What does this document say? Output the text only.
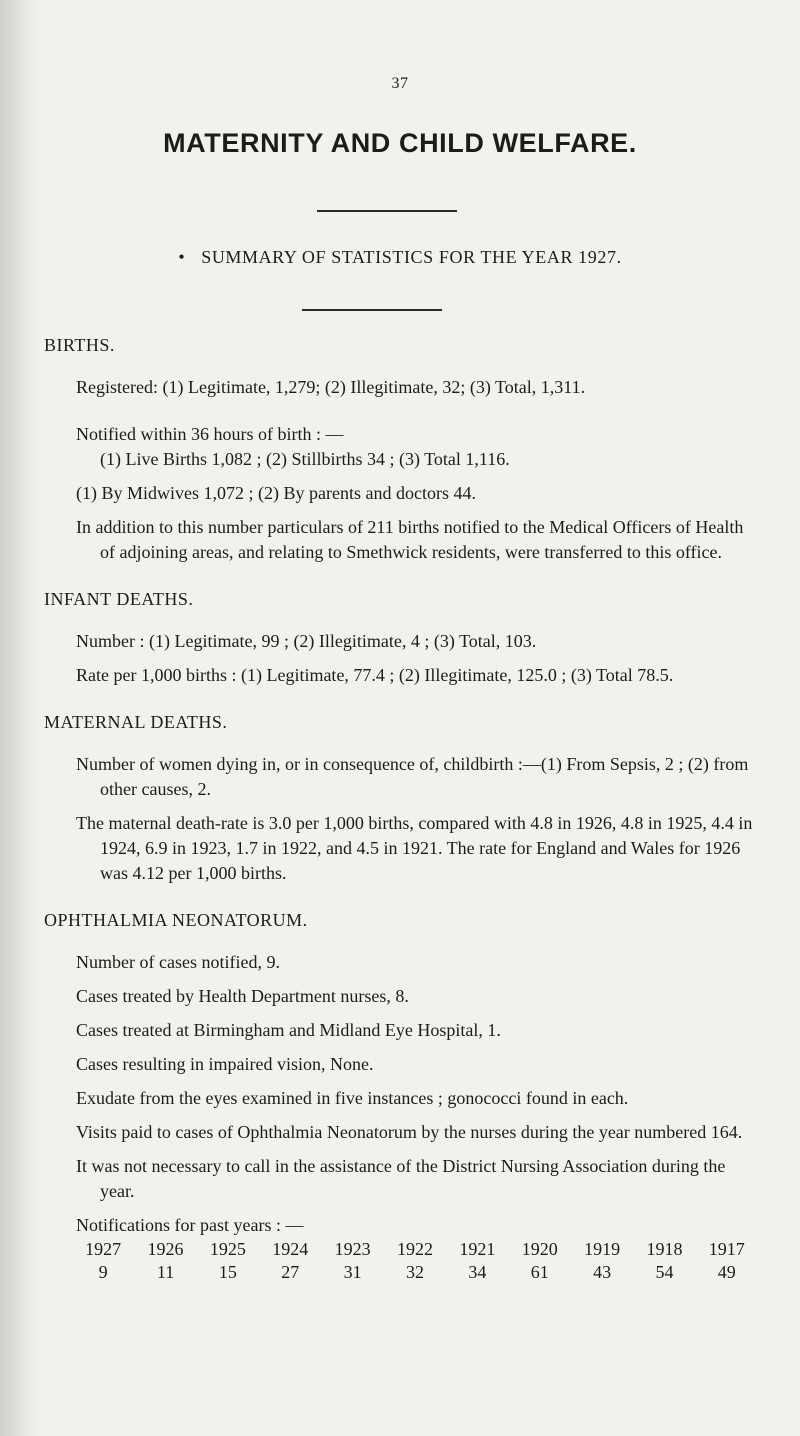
37
MATERNITY AND CHILD WELFARE.
• SUMMARY OF STATISTICS FOR THE YEAR 1927.
BIRTHS.

Registered: (1) Legitimate, 1,279; (2) Illegitimate, 32; (3) Total, 1,311.

Notified within 36 hours of birth : —

(1) Live Births 1,082 ; (2) Stillbirths 34 ; (3) Total 1,116.

(1) By Midwives 1,072 ; (2) By parents and doctors 44.

In addition to this number particulars of 211 births notified to the Medical Officers of Health of adjoining areas, and relating to Smethwick residents, were transferred to this office.

INFANT DEATHS.

Number : (1) Legitimate, 99 ; (2) Illegitimate, 4 ; (3) Total, 103.

Rate per 1,000 births : (1) Legitimate, 77.4 ; (2) Illegitimate, 125.0 ; (3) Total 78.5.

MATERNAL DEATHS.

Number of women dying in, or in consequence of, childbirth :—(1) From Sepsis, 2 ; (2) from other causes, 2.

The maternal death-rate is 3.0 per 1,000 births, compared with 4.8 in 1926, 4.8 in 1925, 4.4 in 1924, 6.9 in 1923, 1.7 in 1922, and 4.5 in 1921. The rate for England and Wales for 1926 was 4.12 per 1,000 births.

OPHTHALMIA NEONATORUM.

Number of cases notified, 9.

Cases treated by Health Department nurses, 8.

Cases treated at Birmingham and Midland Eye Hospital, 1.

Cases resulting in impaired vision, None.

Exudate from the eyes examined in five instances ; gonococci found in each.

Visits paid to cases of Ophthalmia Neonatorum by the nurses during the year numbered 164.

It was not necessary to call in the assistance of the District Nursing Association during the year.

Notifications for past years : —

1927	1926	1925	1924	1923	1922	1921	1920	1919	1918	1917
9	11	15	27	31	32	34	61	43	54	49
